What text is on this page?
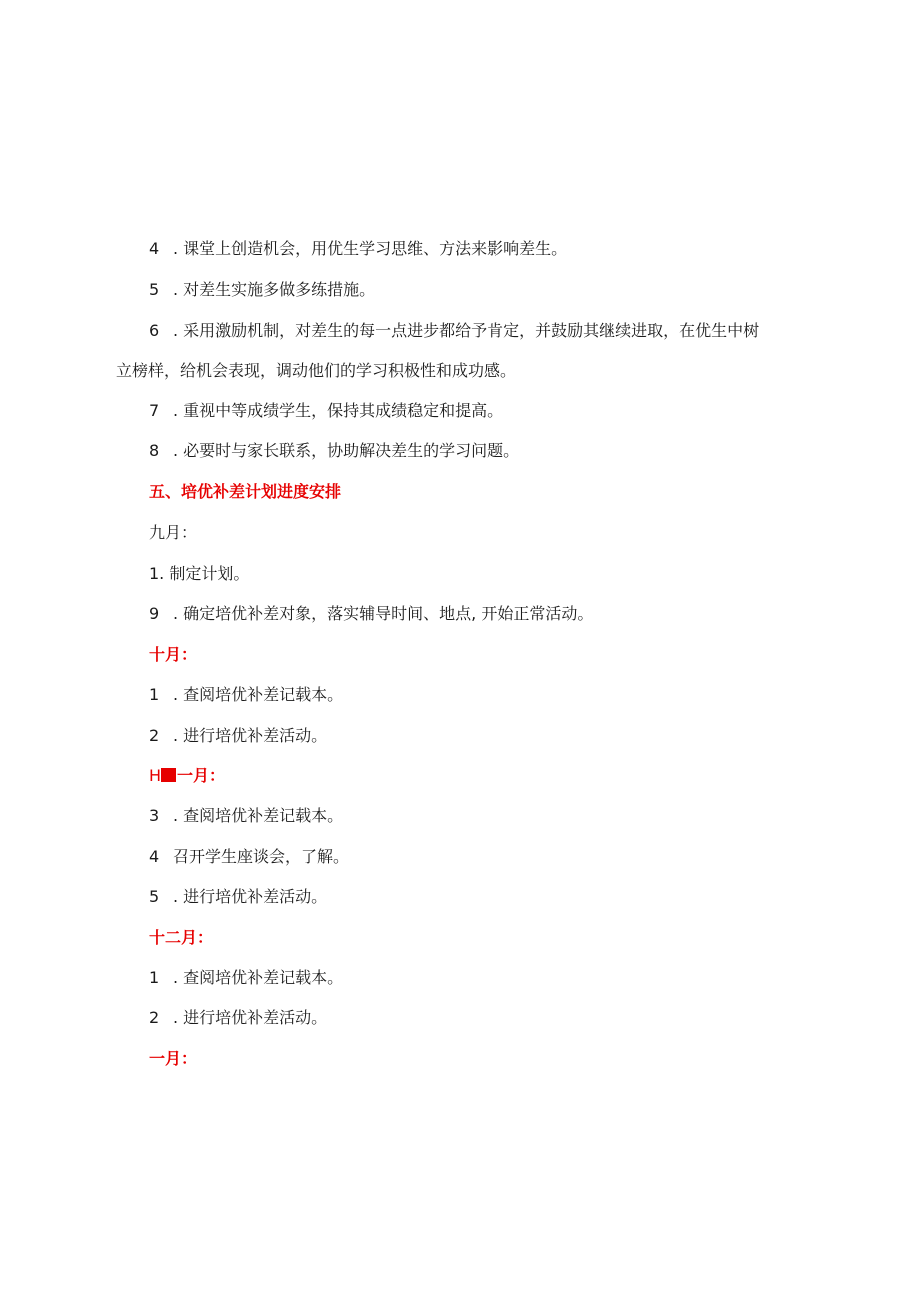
4 . 课堂上创造机会，用优生学习思维、方法来影响差生。
5 . 对差生实施多做多练措施。
6 . 采用激励机制，对差生的每一点进步都给予肯定，并鼓励其继续进取，在优生中树
立榜样，给机会表现，调动他们的学习积极性和成功感。
7 . 重视中等成绩学生，保持其成绩稳定和提高。
8 . 必要时与家长联系，协助解决差生的学习问题。
五、培优补差计划进度安排
九月：
1. 制定计划。
9 . 确定培优补差对象，落实辅导时间、地点, 开始正常活动。
十月：
1 . 查阅培优补差记载本。
2 . 进行培优补差活动。
H 一月：
3 . 查阅培优补差记载本。
4 召开学生座谈会，了解。
5 . 进行培优补差活动。
十二月：
1 . 查阅培优补差记载本。
2 . 进行培优补差活动。
一月：
